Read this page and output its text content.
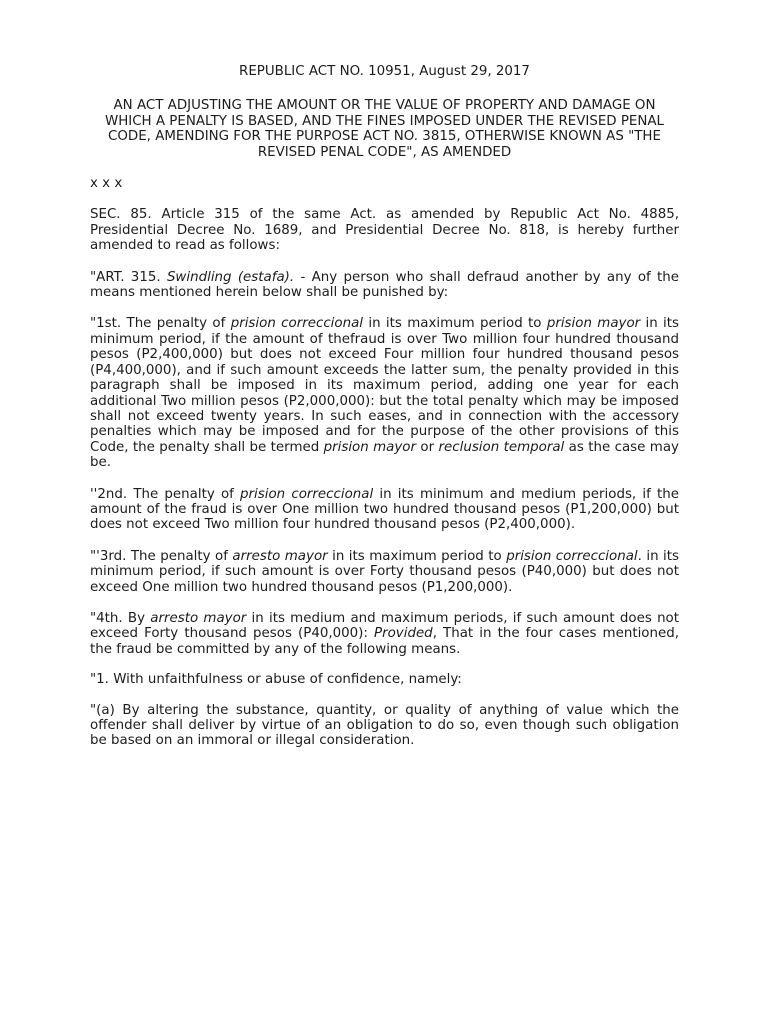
REPUBLIC ACT NO. 10951, August 29, 2017

AN ACT ADJUSTING THE AMOUNT OR THE VALUE OF PROPERTY AND DAMAGE ON WHICH A PENALTY IS BASED, AND THE FINES IMPOSED UNDER THE REVISED PENAL CODE, AMENDING FOR THE PURPOSE ACT NO. 3815, OTHERWISE KNOWN AS "THE REVISED PENAL CODE", AS AMENDED

x x x

SEC. 85. Article 315 of the same Act. as amended by Republic Act No. 4885, Presidential Decree No. 1689, and Presidential Decree No. 818, is hereby further amended to read as follows:

"ART. 315. Swindling (estafa). - Any person who shall defraud another by any of the means mentioned herein below shall be punished by:

"1st. The penalty of prision correccional in its maximum period to prision mayor in its minimum period, if the amount of thefraud is over Two million four hundred thousand pesos (P2,400,000) but does not exceed Four million four hundred thousand pesos (P4,400,000), and if such amount exceeds the latter sum, the penalty provided in this paragraph shall be imposed in its maximum period, adding one year for each additional Two million pesos (P2,000,000): but the total penalty which may be imposed shall not exceed twenty years. In such eases, and in connection with the accessory penalties which may be imposed and for the purpose of the other provisions of this Code, the penalty shall be termed prision mayor or reclusion temporal as the case may be.

''2nd. The penalty of prision correccional in its minimum and medium periods, if the amount of the fraud is over One million two hundred thousand pesos (P1,200,000) but does not exceed Two million four hundred thousand pesos (P2,400,000).

"'3rd. The penalty of arresto mayor in its maximum period to prision correccional. in its minimum period, if such amount is over Forty thousand pesos (P40,000) but does not exceed One million two hundred thousand pesos (P1,200,000).

"4th. By arresto mayor in its medium and maximum periods, if such amount does not exceed Forty thousand pesos (P40,000): Provided, That in the four cases mentioned, the fraud be committed by any of the following means.

"1. With unfaithfulness or abuse of confidence, namely:

"(a) By altering the substance, quantity, or quality of anything of value which the offender shall deliver by virtue of an obligation to do so, even though such obligation be based on an immoral or illegal consideration.
